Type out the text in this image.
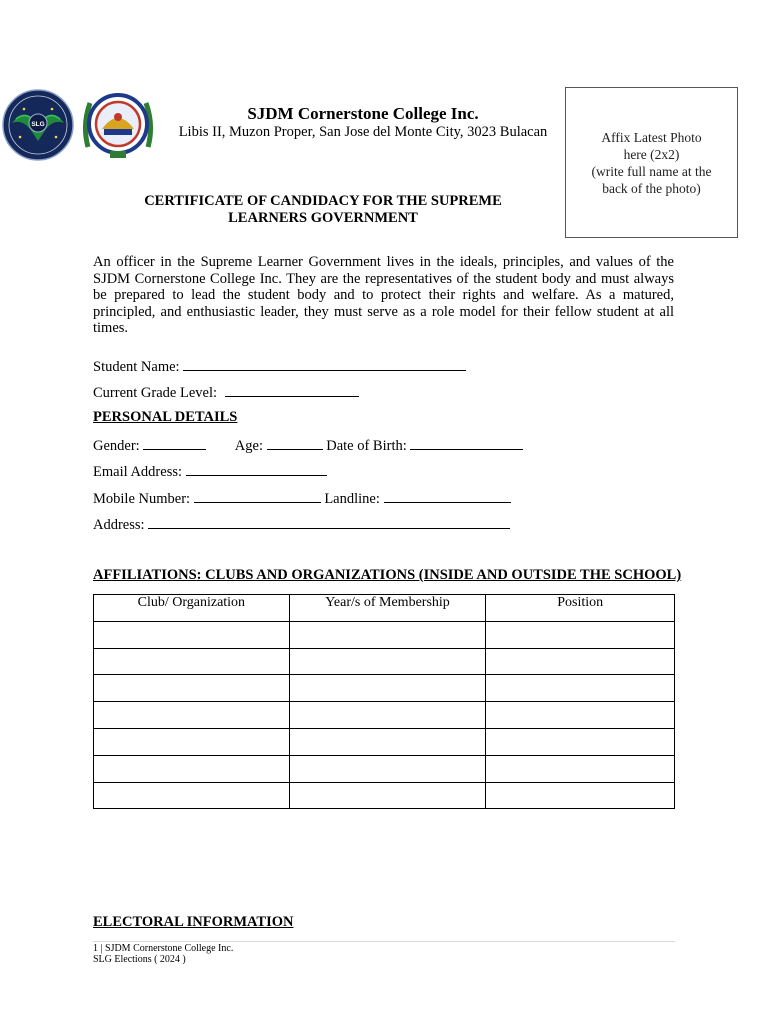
SLG
SJDM Cornerstone College Inc.
Libis II, Muzon Proper, San Jose del Monte City, 3023 Bulacan	Affix Latest Photo
here (2x2)
(write full name at the
back of the photo)
CERTIFICATE OF CANDIDACY FOR THE SUPREME
LEARNERS GOVERNMENT
An officer in the Supreme Learner Government lives in the ideals, principles, and values of the SJDM Cornerstone College Inc. They are the representatives of the student body and must always be prepared to lead the student body and to protect their rights and welfare. As a matured, principled, and enthusiastic leader, they must serve as a role model for their fellow student at all times.
Student Name:
Current Grade Level:
PERSONAL DETAILS
Gender:	Age:	Date of Birth:
Email Address:
Mobile Number:	Landline:
Address:
AFFILIATIONS: CLUBS AND ORGANIZATIONS (INSIDE AND OUTSIDE THE SCHOOL)
Club/ Organization	Year/s of Membership	Position

ELECTORAL INFORMATION
1 | SJDM Cornerstone College Inc.
SLG Elections ( 2024 )
